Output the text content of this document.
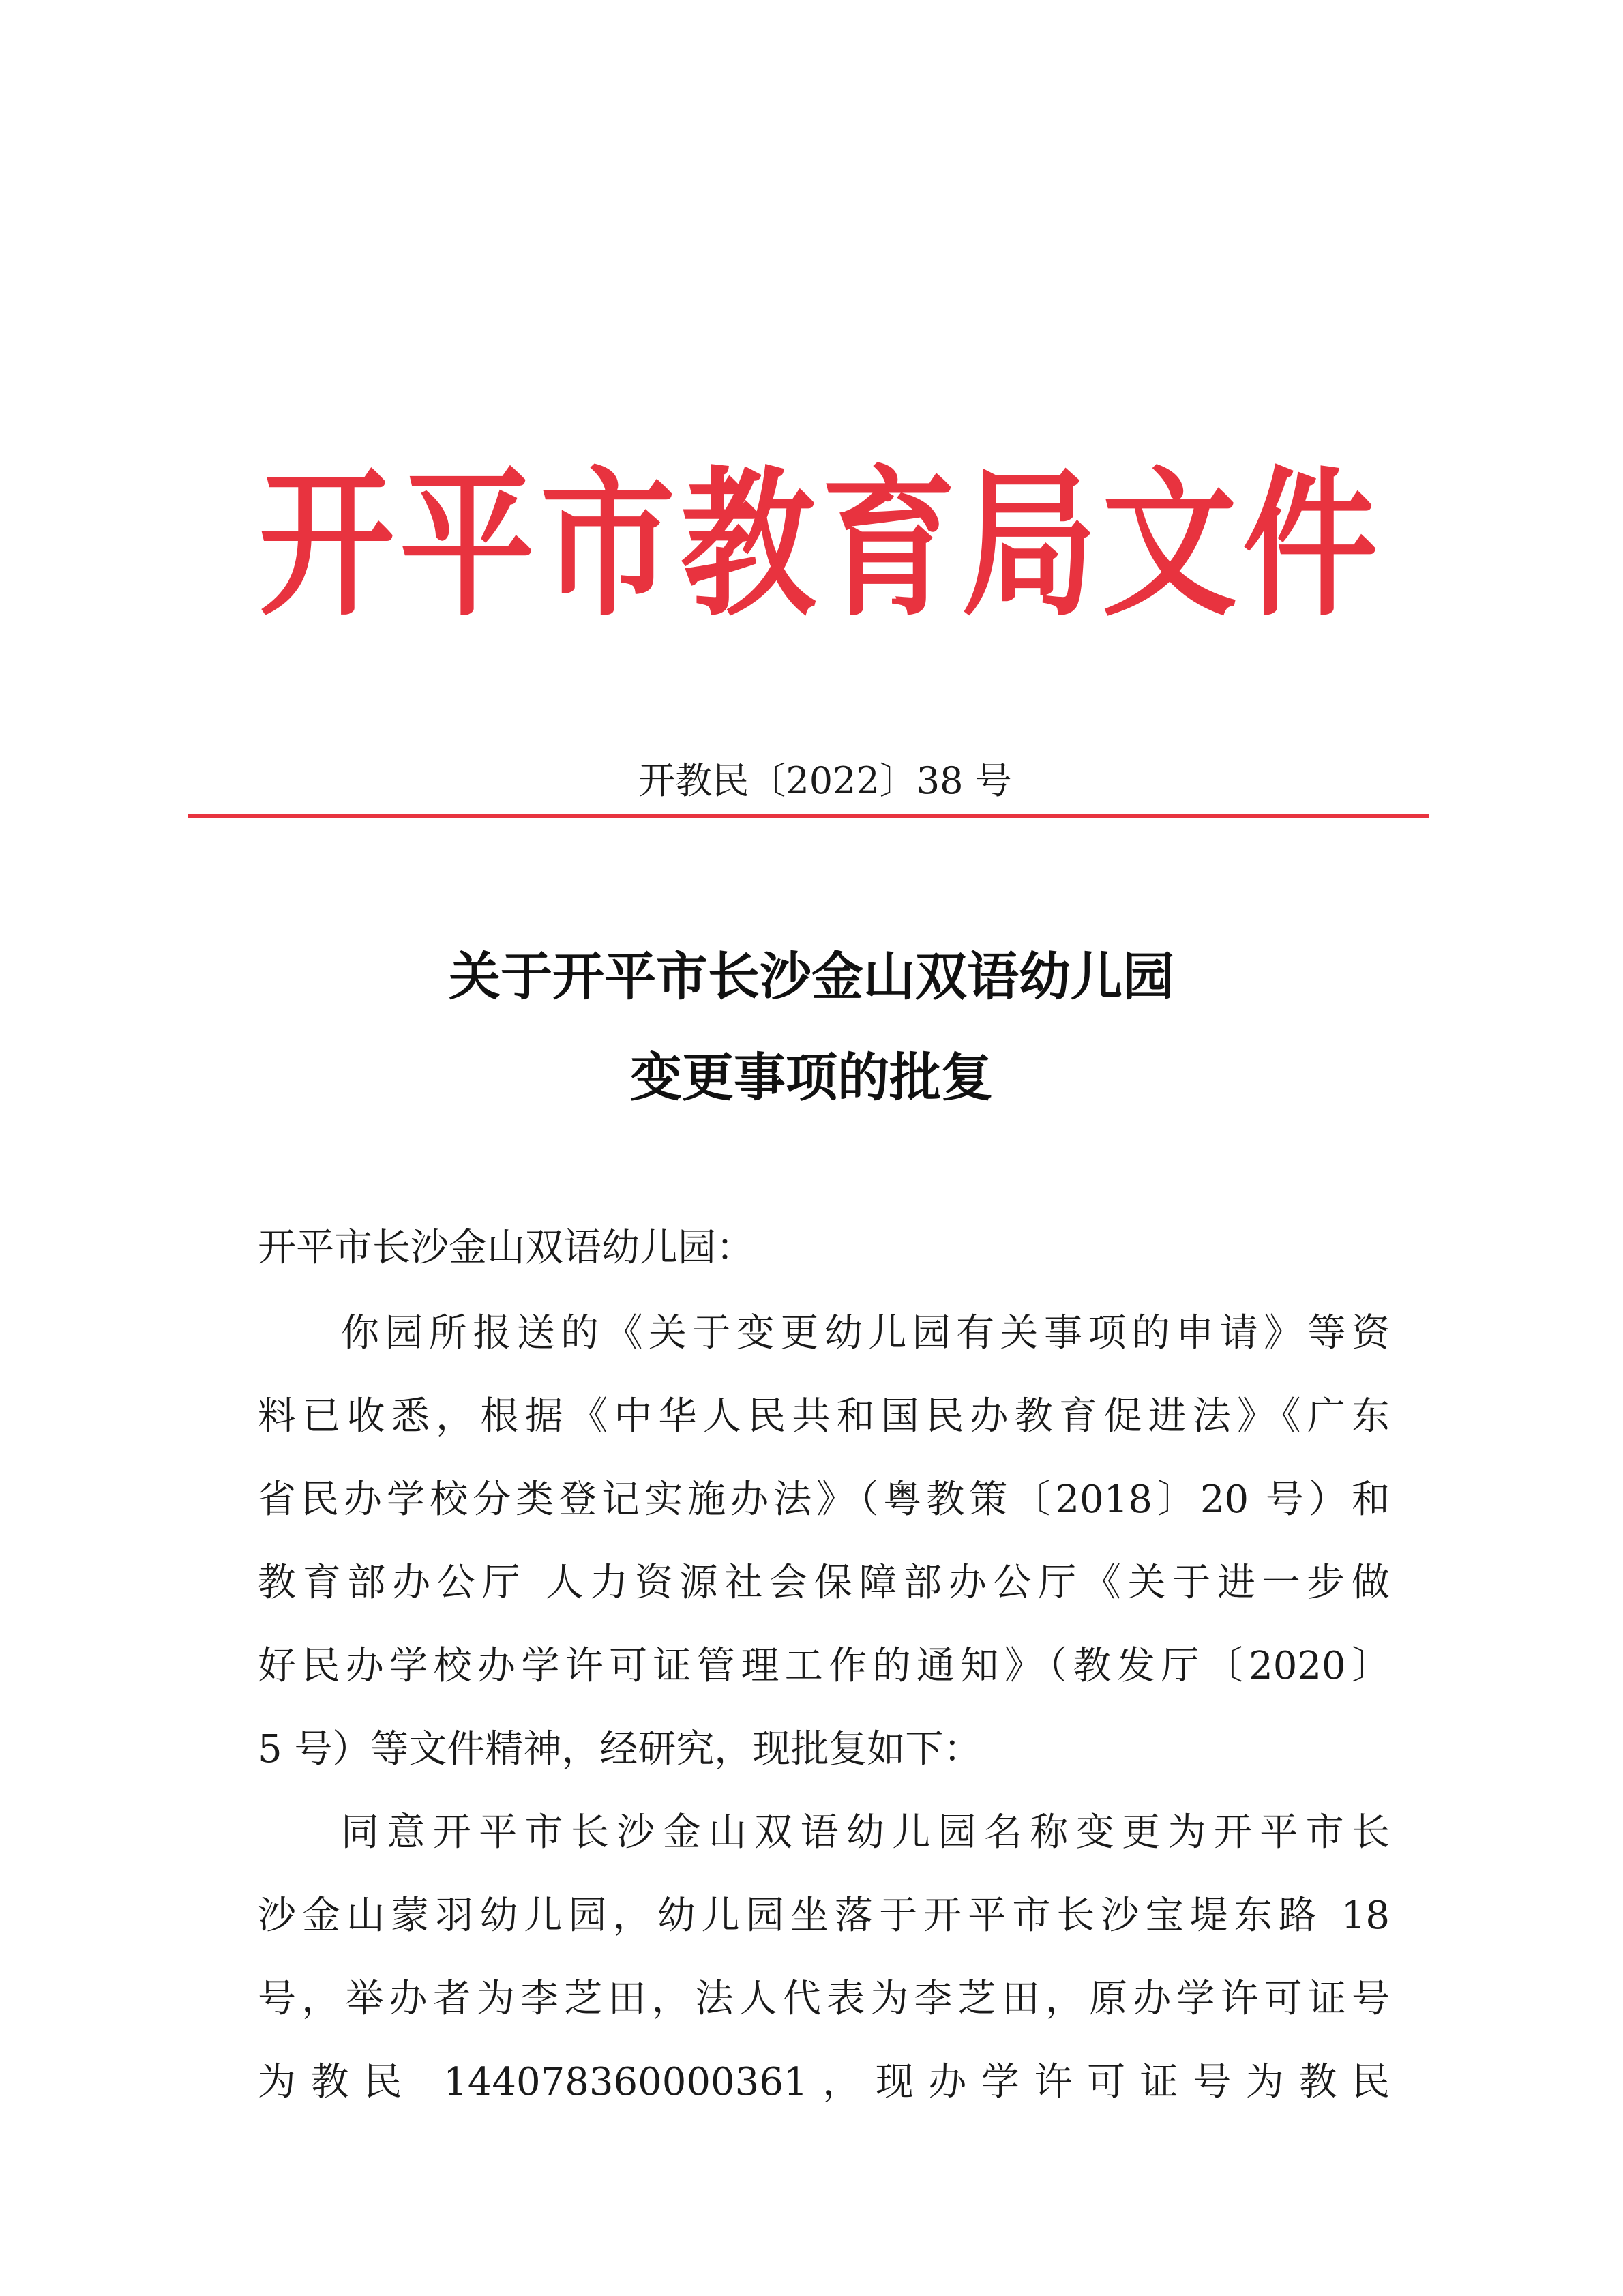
开平市教育局文件
开教民〔2022〕38 号
关于开平市长沙金山双语幼儿园
变更事项的批复
开平市长沙金山双语幼儿园：
你园所报送的《关于变更幼儿园有关事项的申请》等资
料已收悉，根据《中华人民共和国民办教育促进法》《广东
省民办学校分类登记实施办法》（粤教策〔2018〕20 号）和
教育部办公厅 人力资源社会保障部办公厅《关于进一步做
好民办学校办学许可证管理工作的通知》（教发厅〔2020〕
5 号）等文件精神，经研究，现批复如下：
同意开平市长沙金山双语幼儿园名称变更为开平市长
沙金山蒙羽幼儿园，幼儿园坐落于开平市长沙宝堤东路 18
号，举办者为李芝田，法人代表为李芝田，原办学许可证号
为教民 144078360000361，现办学许可证号为教民
